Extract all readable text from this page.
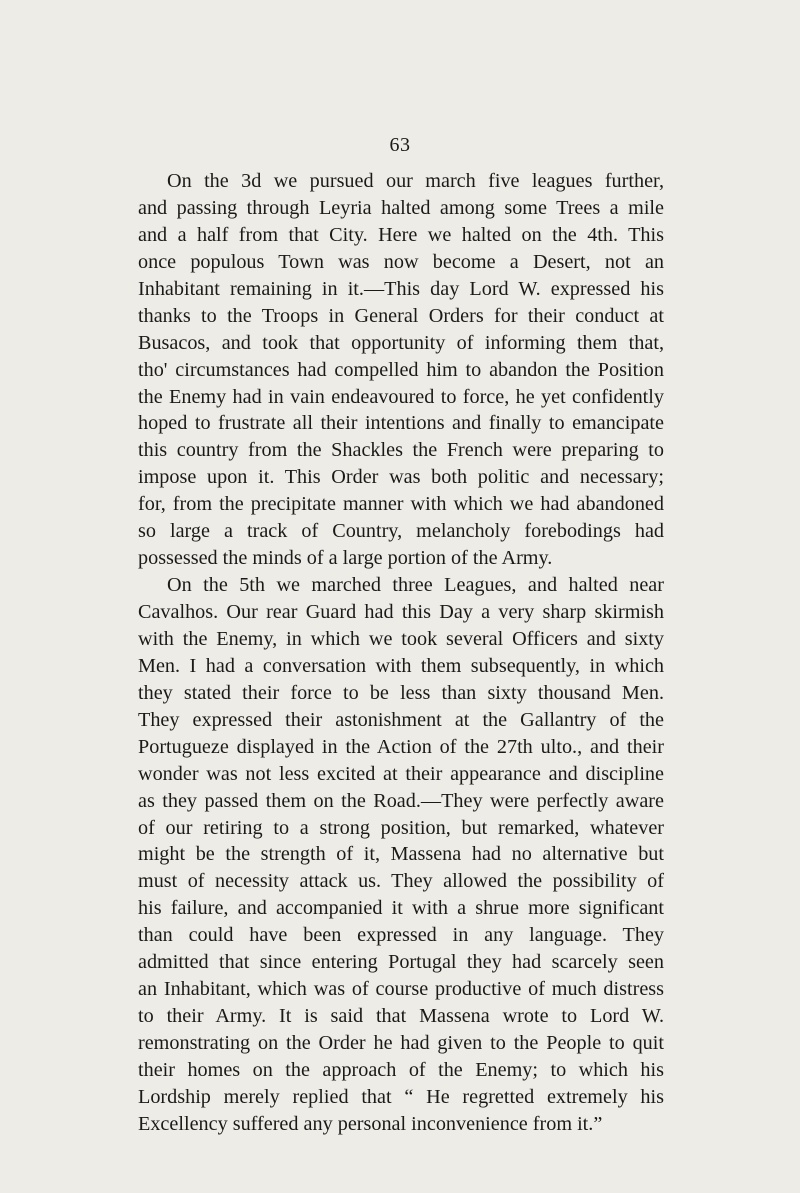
63
On the 3d we pursued our march five leagues further,
and passing through Leyria halted among some Trees a mile
and a half from that City. Here we halted on the 4th. This
once populous Town was now become a Desert, not an
Inhabitant remaining in it.—This day Lord W. expressed his
thanks to the Troops in General Orders for their conduct at
Busacos, and took that opportunity of informing them that,
tho' circumstances had compelled him to abandon the Position
the Enemy had in vain endeavoured to force, he yet confidently
hoped to frustrate all their intentions and finally to emancipate
this country from the Shackles the French were preparing to
impose upon it. This Order was both politic and necessary;
for, from the precipitate manner with which we had abandoned
so large a track of Country, melancholy forebodings had
possessed the minds of a large portion of the Army.
On the 5th we marched three Leagues, and halted near
Cavalhos. Our rear Guard had this Day a very sharp skirmish
with the Enemy, in which we took several Officers and sixty
Men. I had a conversation with them subsequently, in which
they stated their force to be less than sixty thousand Men.
They expressed their astonishment at the Gallantry of the
Portugueze displayed in the Action of the 27th ulto., and their
wonder was not less excited at their appearance and discipline
as they passed them on the Road.—They were perfectly aware
of our retiring to a strong position, but remarked, whatever
might be the strength of it, Massena had no alternative but
must of necessity attack us. They allowed the possibility of
his failure, and accompanied it with a shrue more significant
than could have been expressed in any language. They
admitted that since entering Portugal they had scarcely seen
an Inhabitant, which was of course productive of much distress
to their Army. It is said that Massena wrote to Lord W.
remonstrating on the Order he had given to the People to quit
their homes on the approach of the Enemy; to which his
Lordship merely replied that “ He regretted extremely his
Excellency suffered any personal inconvenience from it.”
